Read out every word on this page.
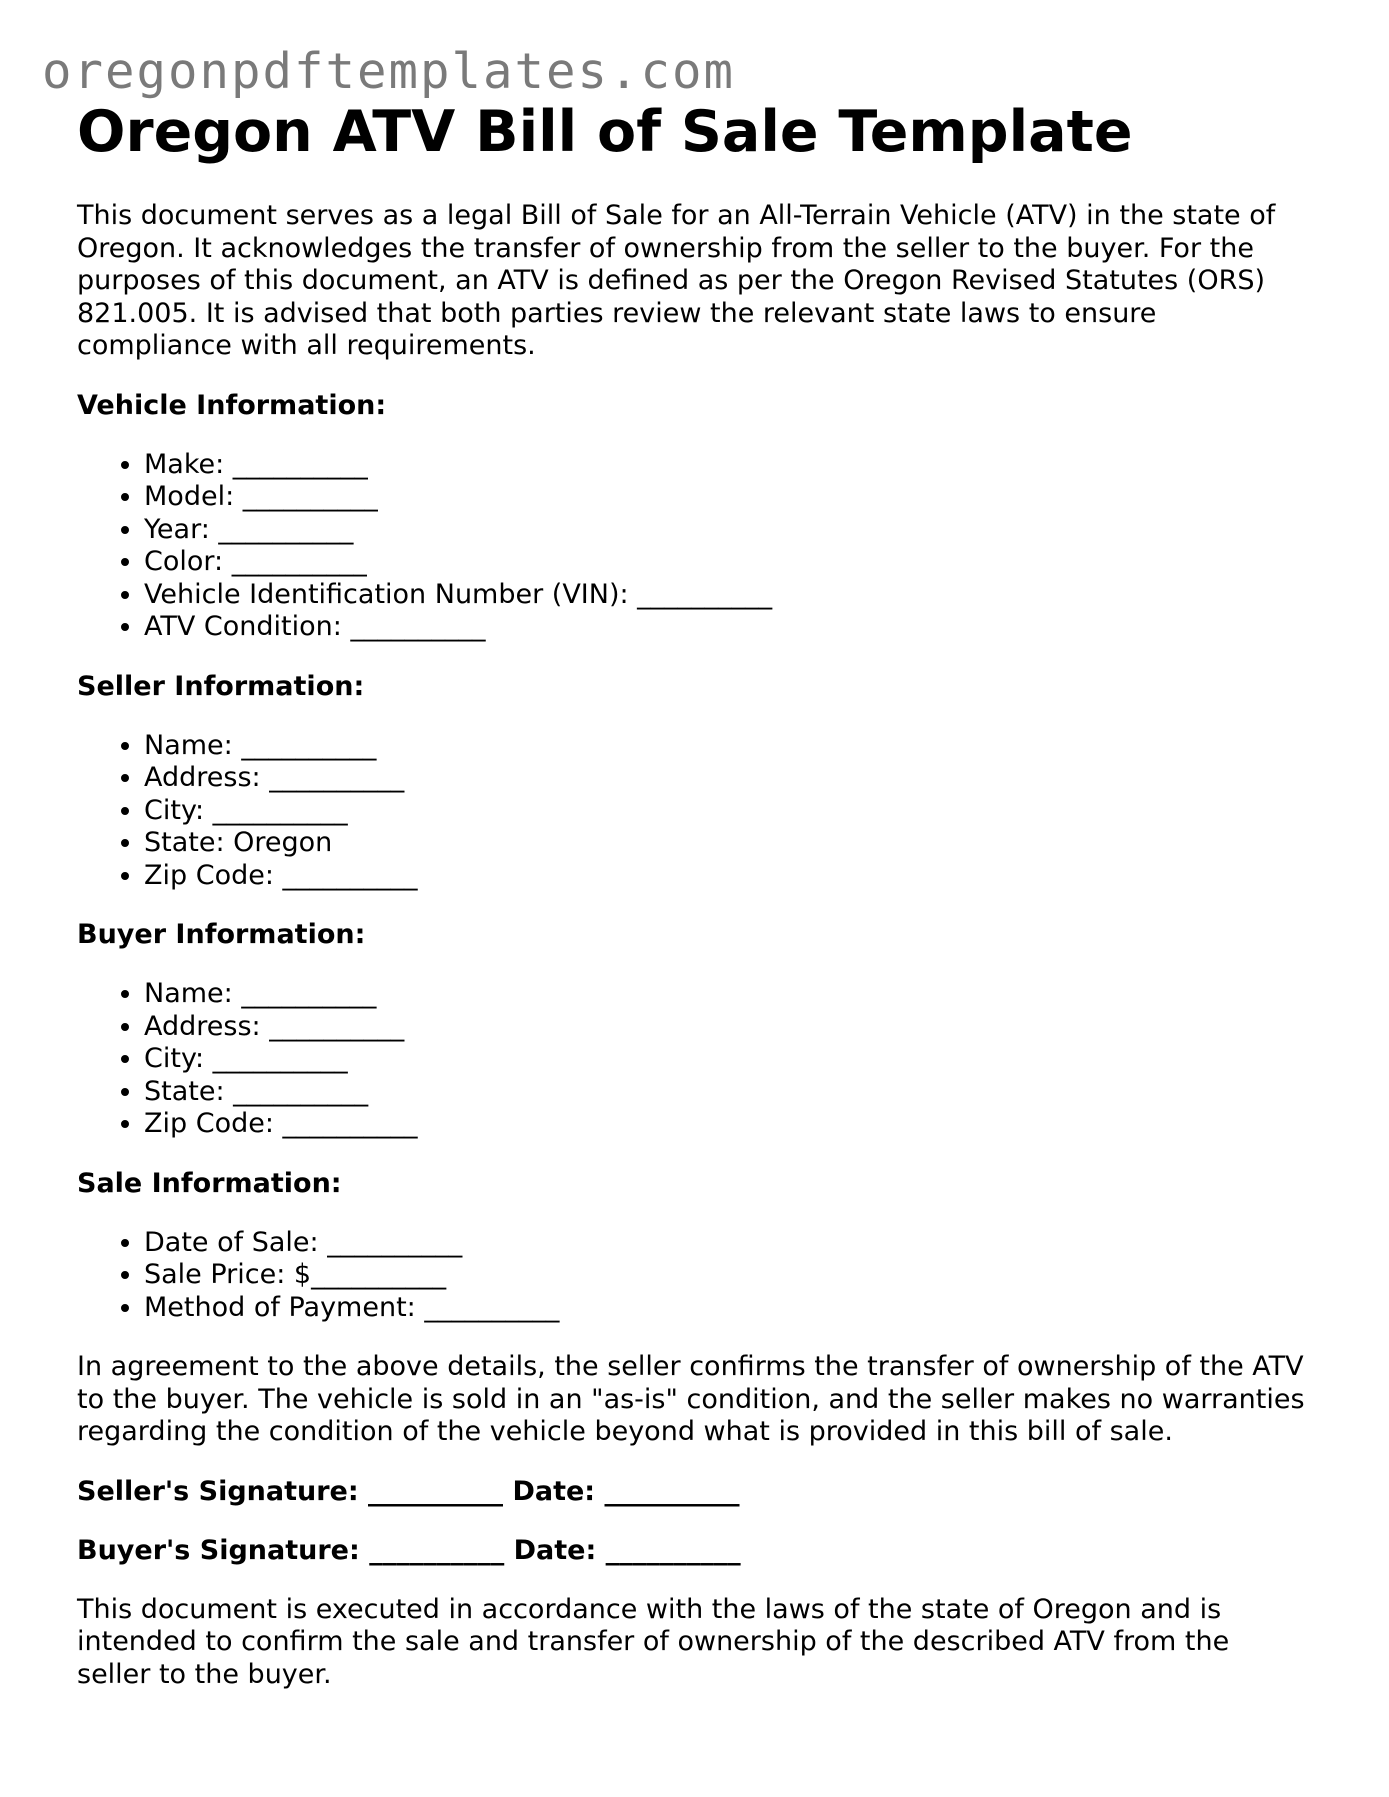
oregonpdftemplates.com
Oregon ATV Bill of Sale Template

This document serves as a legal Bill of Sale for an All-Terrain Vehicle (ATV) in the state of Oregon. It acknowledges the transfer of ownership from the seller to the buyer. For the purposes of this document, an ATV is defined as per the Oregon Revised Statutes (ORS) 821.005. It is advised that both parties review the relevant state laws to ensure compliance with all requirements.

Vehicle Information:
• Make: __________
• Model: __________
• Year: __________
• Color: __________
• Vehicle Identification Number (VIN): __________
• ATV Condition: __________
Seller Information:
• Name: __________
• Address: __________
• City: __________
• State: Oregon
• Zip Code: __________
Buyer Information:
• Name: __________
• Address: __________
• City: __________
• State: __________
• Zip Code: __________
Sale Information:
• Date of Sale: __________
• Sale Price: $__________
• Method of Payment: __________

In agreement to the above details, the seller confirms the transfer of ownership of the ATV to the buyer. The vehicle is sold in an "as-is" condition, and the seller makes no warranties regarding the condition of the vehicle beyond what is provided in this bill of sale.

Seller's Signature: __________ Date: __________
Buyer's Signature: __________ Date: __________

This document is executed in accordance with the laws of the state of Oregon and is intended to confirm the sale and transfer of ownership of the described ATV from the seller to the buyer.
